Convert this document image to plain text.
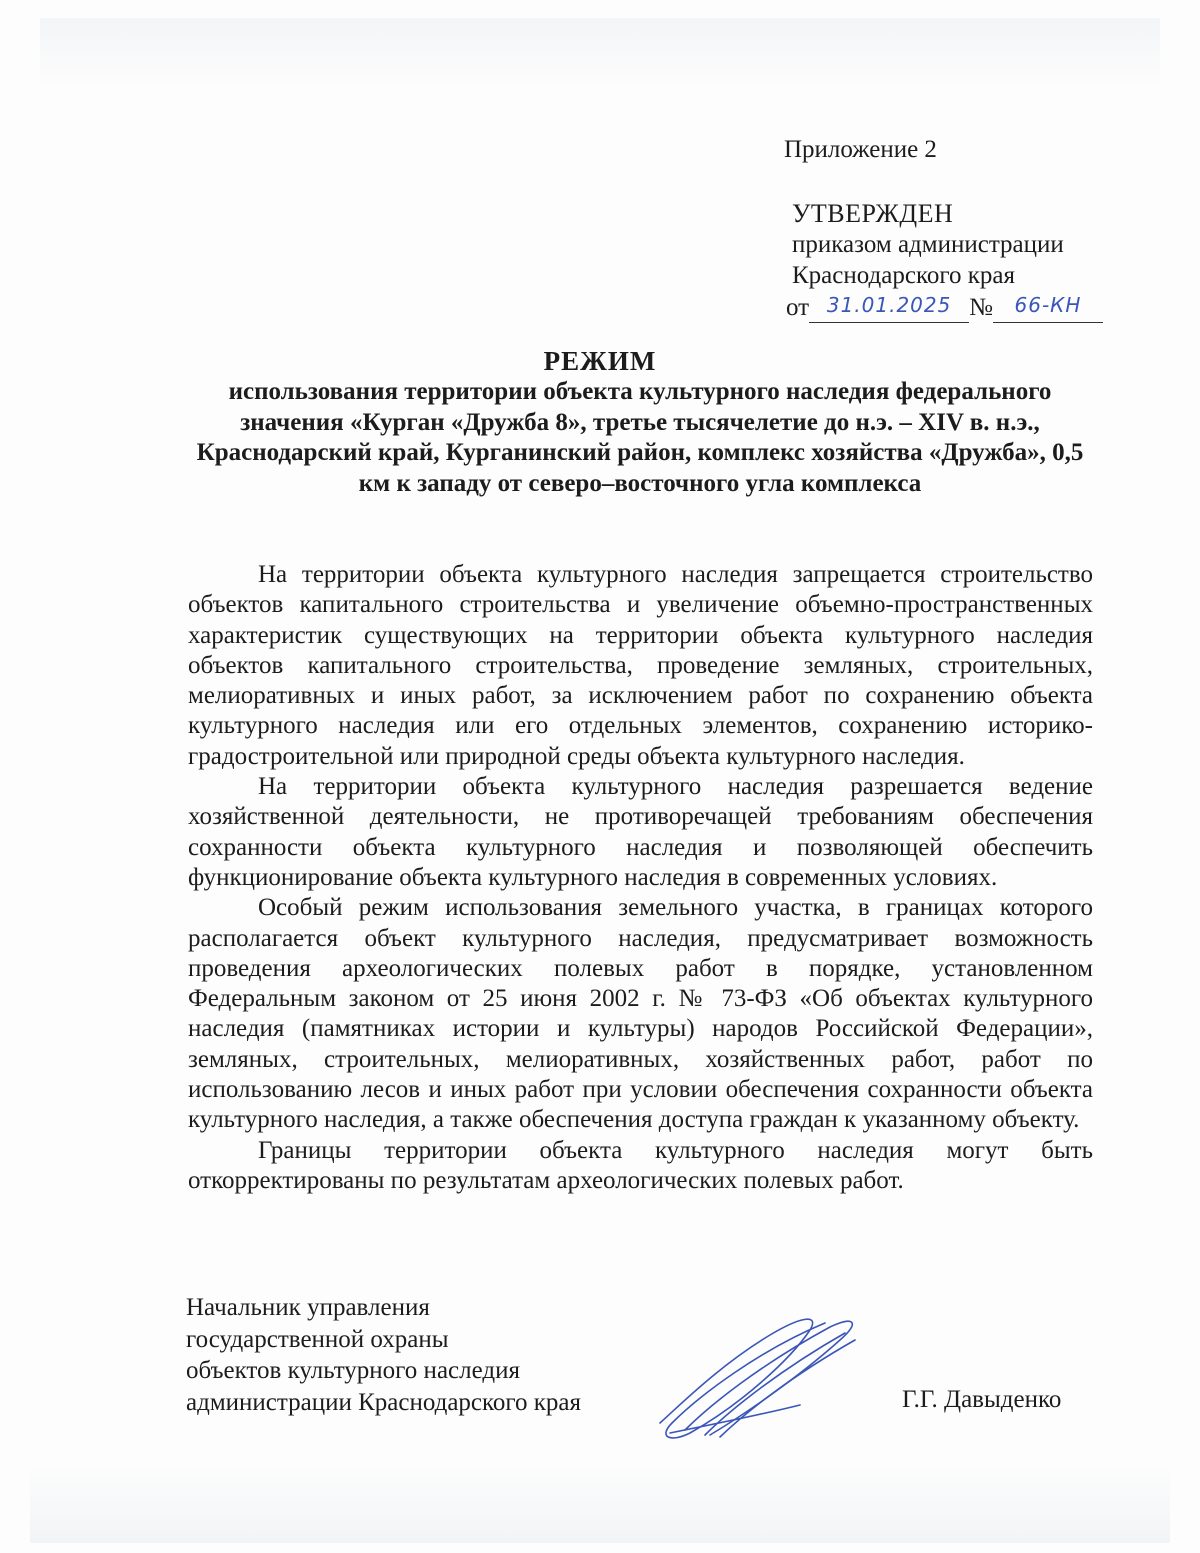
Приложение 2
УТВЕРЖДЕН
приказом администрации
Краснодарского края
от 31.01.2025 №	66-КН
РЕЖИМ
использования территории объекта культурного наследия федерального значения «Курган «Дружба 8», третье тысячелетие до н.э. – XIV в. н.э., Краснодарский край, Курганинский район, комплекс хозяйства «Дружба», 0,5 км к западу от северо–восточного угла комплекса

На территории объекта культурного наследия запрещается строительство объектов капитального строительства и увеличение объемно-пространственных характеристик существующих на территории объекта культурного наследия объектов капитального строительства, проведение земляных, строительных, мелиоративных и иных работ, за исключением работ по сохранению объекта культурного наследия или его отдельных элементов, сохранению историко-градостроительной или природной среды объекта культурного наследия.

На территории объекта культурного наследия разрешается ведение хозяйственной деятельности, не противоречащей требованиям обеспечения сохранности объекта культурного наследия и позволяющей обеспечить функционирование объекта культурного наследия в современных условиях.

Особый режим использования земельного участка, в границах которого располагается объект культурного наследия, предусматривает возможность проведения археологических полевых работ в порядке, установленном Федеральным законом от 25 июня 2002 г. № 73-ФЗ «Об объектах культурного наследия (памятниках истории и культуры) народов Российской Федерации», земляных, строительных, мелиоративных, хозяйственных работ, работ по использованию лесов и иных работ при условии обеспечения сохранности объекта культурного наследия, а также обеспечения доступа граждан к указанному объекту.

Границы территории объекта культурного наследия могут быть откорректированы по результатам археологических полевых работ.

Начальник управления
государственной охраны
объектов культурного наследия
администрации Краснодарского края	Г.Г. Давыденко
